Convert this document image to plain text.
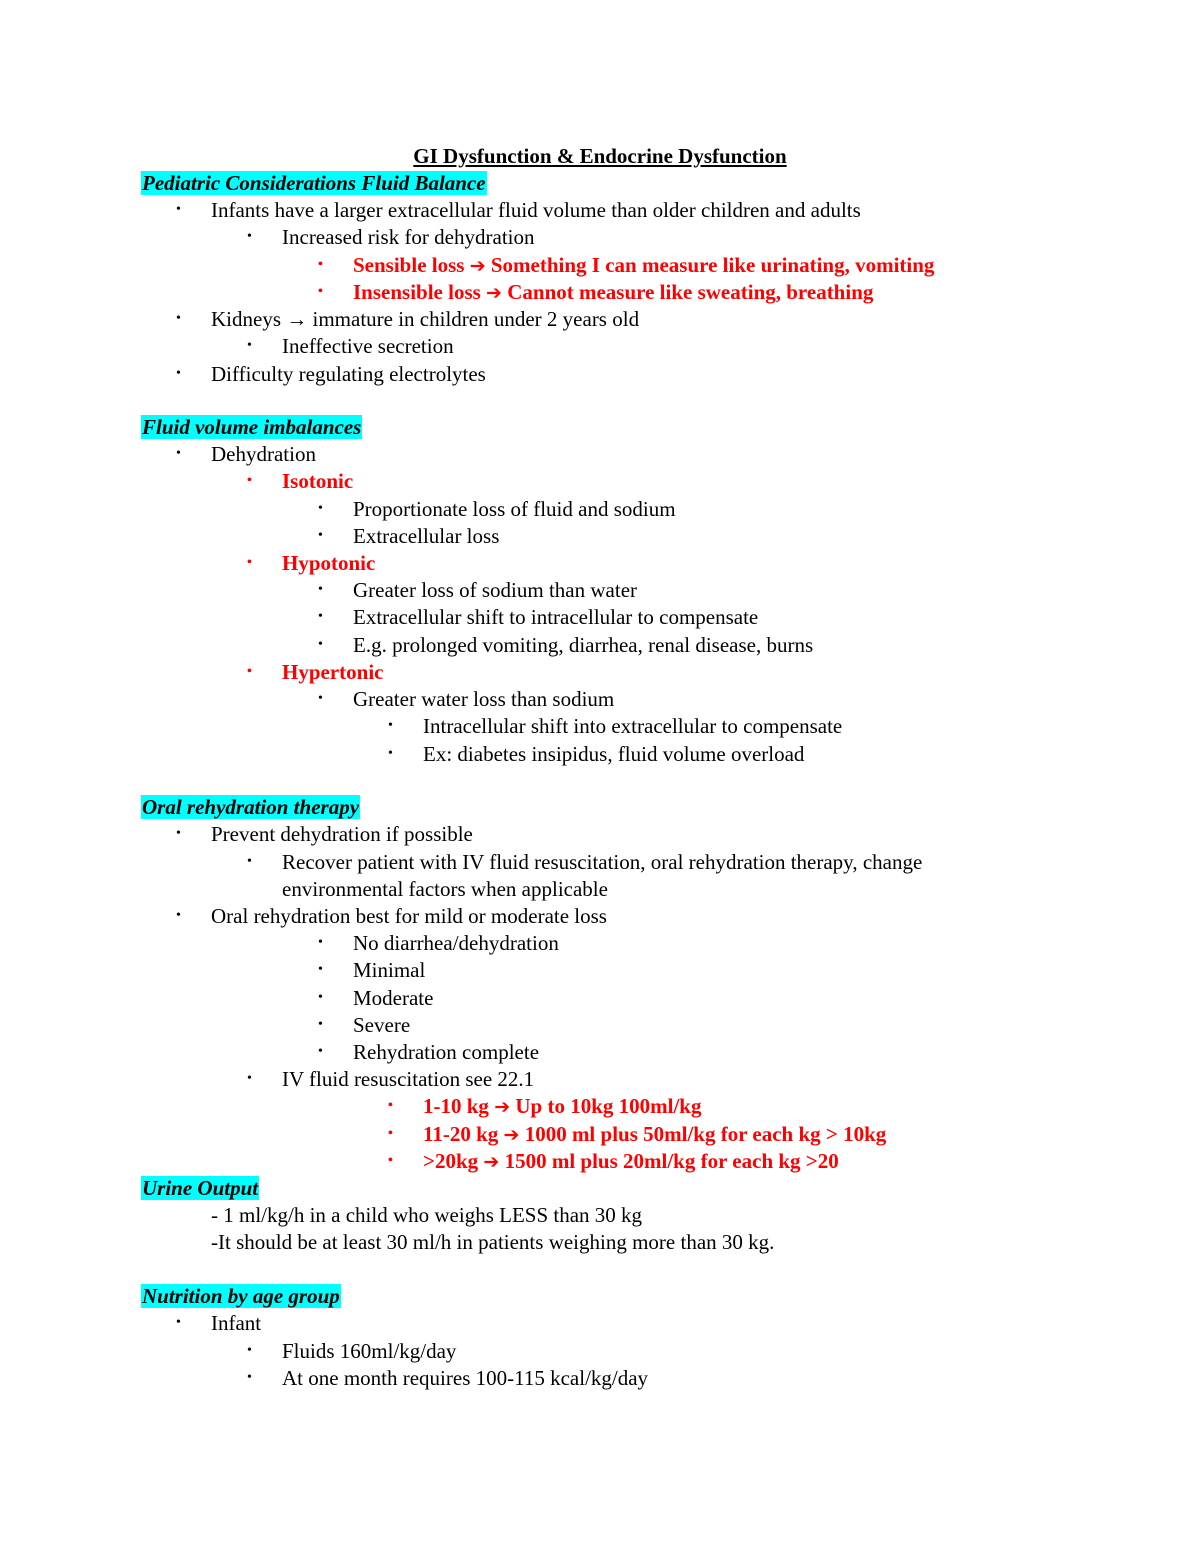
GI Dysfunction & Endocrine Dysfunction
Pediatric Considerations Fluid Balance
• Infants have a larger extracellular fluid volume than older children and adults
• Increased risk for dehydration
• Sensible loss ➔ Something I can measure like urinating, vomiting
• Insensible loss ➔ Cannot measure like sweating, breathing
• Kidneys → immature in children under 2 years old
• Ineffective secretion
• Difficulty regulating electrolytes
Fluid volume imbalances
• Dehydration
• Isotonic
• Proportionate loss of fluid and sodium
• Extracellular loss
• Hypotonic
• Greater loss of sodium than water
• Extracellular shift to intracellular to compensate
• E.g. prolonged vomiting, diarrhea, renal disease, burns
• Hypertonic
• Greater water loss than sodium
• Intracellular shift into extracellular to compensate
• Ex: diabetes insipidus, fluid volume overload
Oral rehydration therapy
• Prevent dehydration if possible
• Recover patient with IV fluid resuscitation, oral rehydration therapy, change
environmental factors when applicable
• Oral rehydration best for mild or moderate loss
• No diarrhea/dehydration
• Minimal
• Moderate
• Severe
• Rehydration complete
• IV fluid resuscitation see 22.1
• 1-10 kg ➔ Up to 10kg 100ml/kg
• 11-20 kg ➔ 1000 ml plus 50ml/kg for each kg > 10kg
• >20kg ➔ 1500 ml plus 20ml/kg for each kg >20
Urine Output
- 1 ml/kg/h in a child who weighs LESS than 30 kg
-It should be at least 30 ml/h in patients weighing more than 30 kg.
Nutrition by age group
• Infant
• Fluids 160ml/kg/day
• At one month requires 100-115 kcal/kg/day
